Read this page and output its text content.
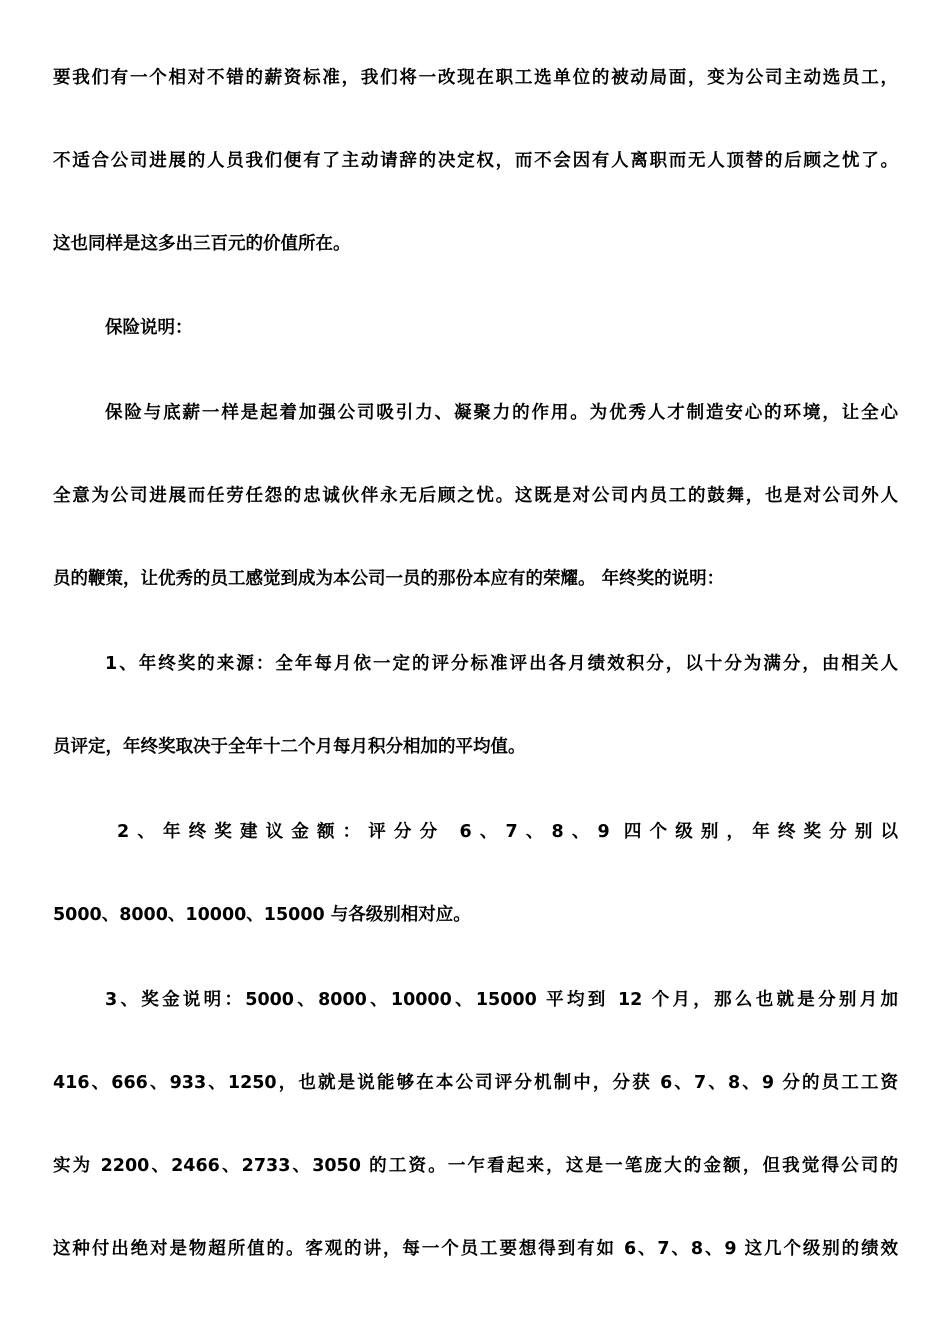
要我们有一个相对不错的薪资标准，我们将一改现在职工选单位的被动局面，变为公司主动选员工，
不适合公司进展的人员我们便有了主动请辞的决定权，而不会因有人离职而无人顶替的后顾之忧了。
这也同样是这多出三百元的价值所在。
保险说明：
保险与底薪一样是起着加强公司吸引力、凝聚力的作用。为优秀人才制造安心的环境，让全心
全意为公司进展而任劳任怨的忠诚伙伴永无后顾之忧。这既是对公司内员工的鼓舞，也是对公司外人
员的鞭策，让优秀的员工感觉到成为本公司一员的那份本应有的荣耀。 年终奖的说明：
1、年终奖的来源：全年每月依一定的评分标准评出各月绩效积分，以十分为满分，由相关人
员评定，年终奖取决于全年十二个月每月积分相加的平均值。
2、年终奖建议金额：评分分 6、7、8、9 四个级别，年终奖分别以
5000、8000、10000、15000 与各级别相对应。
3、奖金说明：5000、8000、10000、15000 平均到 12 个月，那么也就是分别月加
416、666、933、1250，也就是说能够在本公司评分机制中，分获 6、7、8、9 分的员工工资
实为 2200、2466、2733、3050 的工资。一乍看起来，这是一笔庞大的金额，但我觉得公司的
这种付出绝对是物超所值的。客观的讲，每一个员工要想得到有如 6、7、8、9 这几个级别的绩效
